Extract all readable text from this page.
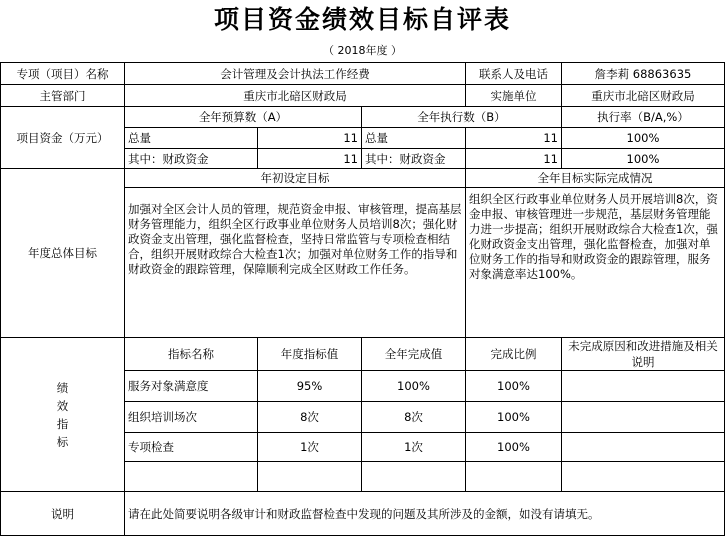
项目资金绩效目标自评表
（ 2018年度 ）
专项（项目）名称	会计管理及会计执法工作经费			联系人及电话	詹李莉 68863635
主管部门	重庆市北碚区财政局			实施单位	重庆市北碚区财政局
项目资金（万元）	全年预算数（A）		全年执行数（B）		执行率（B/A,%）
	总量	11	总量	11	100%
	其中：财政资金	11	其中：财政资金	11	100%
年度总体目标	年初设定目标			全年目标实际完成情况	
	加强对全区会计人员的管理，规范资金申报、审核管理，提高基层财务管理能力，组织全区行政事业单位财务人员培训8次；强化财政资金支出管理，强化监督检查，坚持日常监管与专项检查相结合，组织开展财政综合大检查1次；加强对单位财务工作的指导和财政资金的跟踪管理，保障顺利完成全区财政工作任务。			组织全区行政事业单位财务人员开展培训8次，资金申报、审核管理进一步规范，基层财务管理能力进一步提高；组织开展财政综合大检查1次，强化财政资金支出管理，强化监督检查，加强对单位财务工作的指导和财政资金的跟踪管理，服务对象满意率达100%。	

绩
效
指
标	指标名称	年度指标值	全年完成值	完成比例	未完成原因和改进措施及相关说明
	服务对象满意度	95%	100%	100%	
	组织培训场次	8次	8次	100%	
	专项检查	1次	1次	100%	

说明	请在此处简要说明各级审计和财政监督检查中发现的问题及其所涉及的金额，如没有请填无。				
